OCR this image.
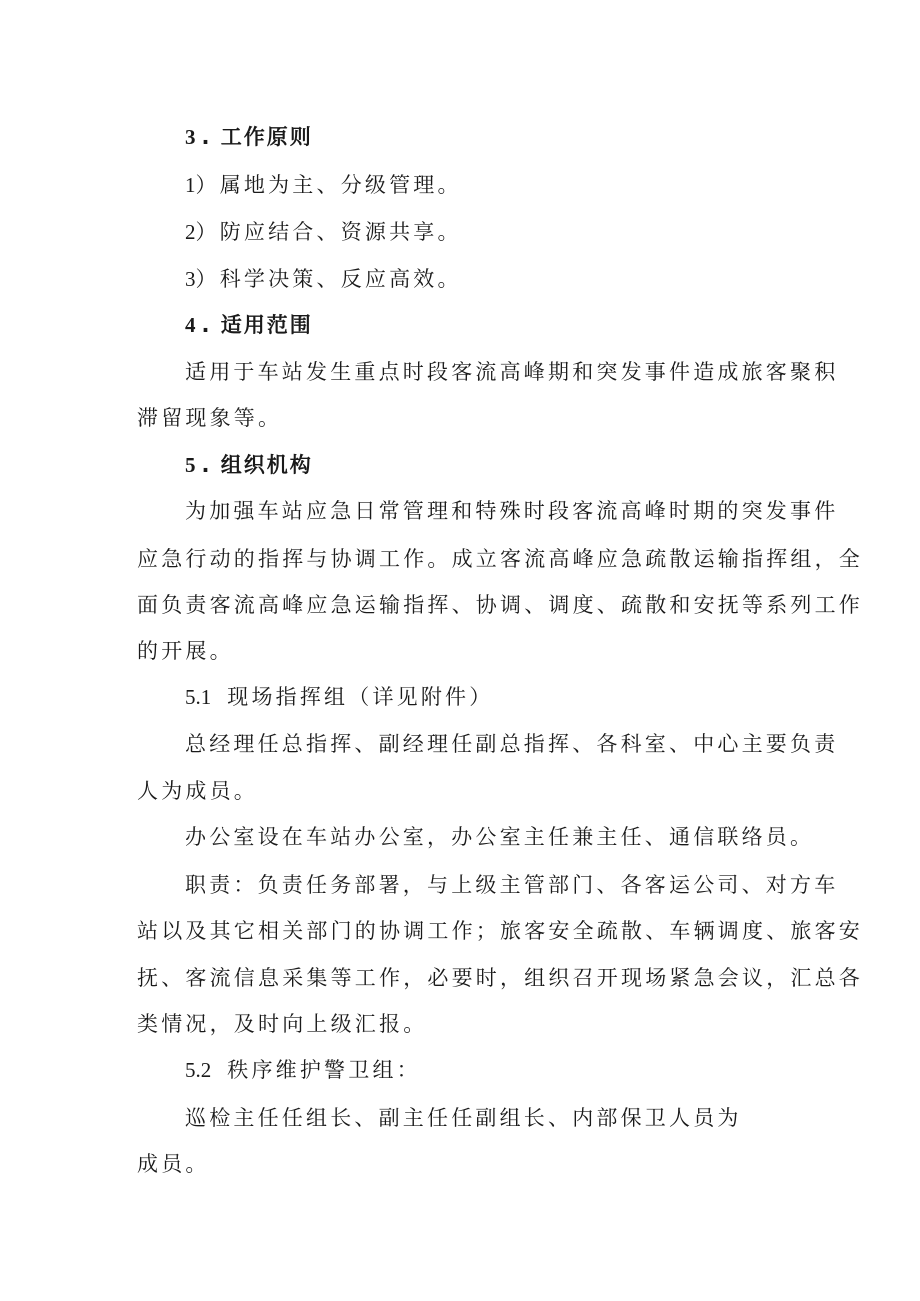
3 . 工作原则
1）属地为主、分级管理。
2）防应结合、资源共享。
3）科学决策、反应高效。
4 . 适用范围
适用于车站发生重点时段客流高峰期和突发事件造成旅客聚积
滞留现象等。
5 . 组织机构
为加强车站应急日常管理和特殊时段客流高峰时期的突发事件
应急行动的指挥与协调工作。成立客流高峰应急疏散运输指挥组，全
面负责客流高峰应急运输指挥、协调、调度、疏散和安抚等系列工作
的开展。
5.1 现场指挥组（详见附件）
总经理任总指挥、副经理任副总指挥、各科室、中心主要负责
人为成员。
办公室设在车站办公室，办公室主任兼主任、通信联络员。
职责：负责任务部署，与上级主管部门、各客运公司、对方车
站以及其它相关部门的协调工作；旅客安全疏散、车辆调度、旅客安
抚、客流信息采集等工作，必要时，组织召开现场紧急会议，汇总各
类情况，及时向上级汇报。
5.2 秩序维护警卫组：
巡检主任任组长、副主任任副组长、内部保卫人员为
成员。
